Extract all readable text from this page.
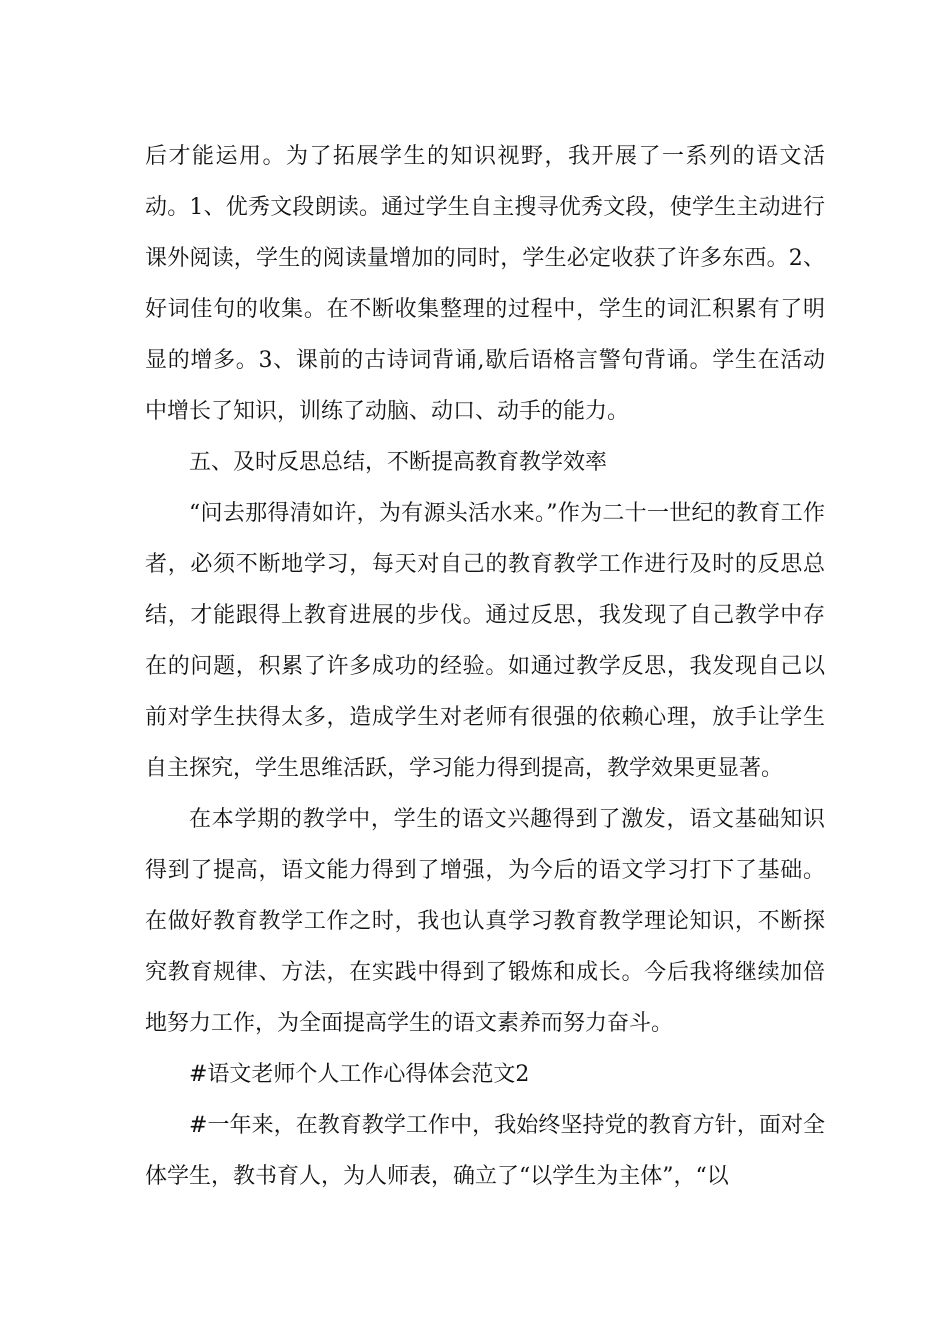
后才能运用。为了拓展学生的知识视野，我开展了一系列的语文活动。1、优秀文段朗读。通过学生自主搜寻优秀文段，使学生主动进行课外阅读，学生的阅读量增加的同时，学生必定收获了许多东西。2、好词佳句的收集。在不断收集整理的过程中，学生的词汇积累有了明显的增多。3、课前的古诗词背诵,歇后语格言警句背诵。学生在活动中增长了知识，训练了动脑、动口、动手的能力。

五、及时反思总结，不断提高教育教学效率

“问去那得清如许，为有源头活水来。”作为二十一世纪的教育工作者，必须不断地学习，每天对自己的教育教学工作进行及时的反思总结，才能跟得上教育进展的步伐。通过反思，我发现了自己教学中存在的问题，积累了许多成功的经验。如通过教学反思，我发现自己以前对学生扶得太多，造成学生对老师有很强的依赖心理，放手让学生自主探究，学生思维活跃，学习能力得到提高，教学效果更显著。

在本学期的教学中，学生的语文兴趣得到了激发，语文基础知识得到了提高，语文能力得到了增强，为今后的语文学习打下了基础。在做好教育教学工作之时，我也认真学习教育教学理论知识，不断探究教育规律、方法，在实践中得到了锻炼和成长。今后我将继续加倍地努力工作，为全面提高学生的语文素养而努力奋斗。

#语文老师个人工作心得体会范文2

#一年来，在教育教学工作中，我始终坚持党的教育方针，面对全体学生，教书育人，为人师表，确立了“以学生为主体”，“以
